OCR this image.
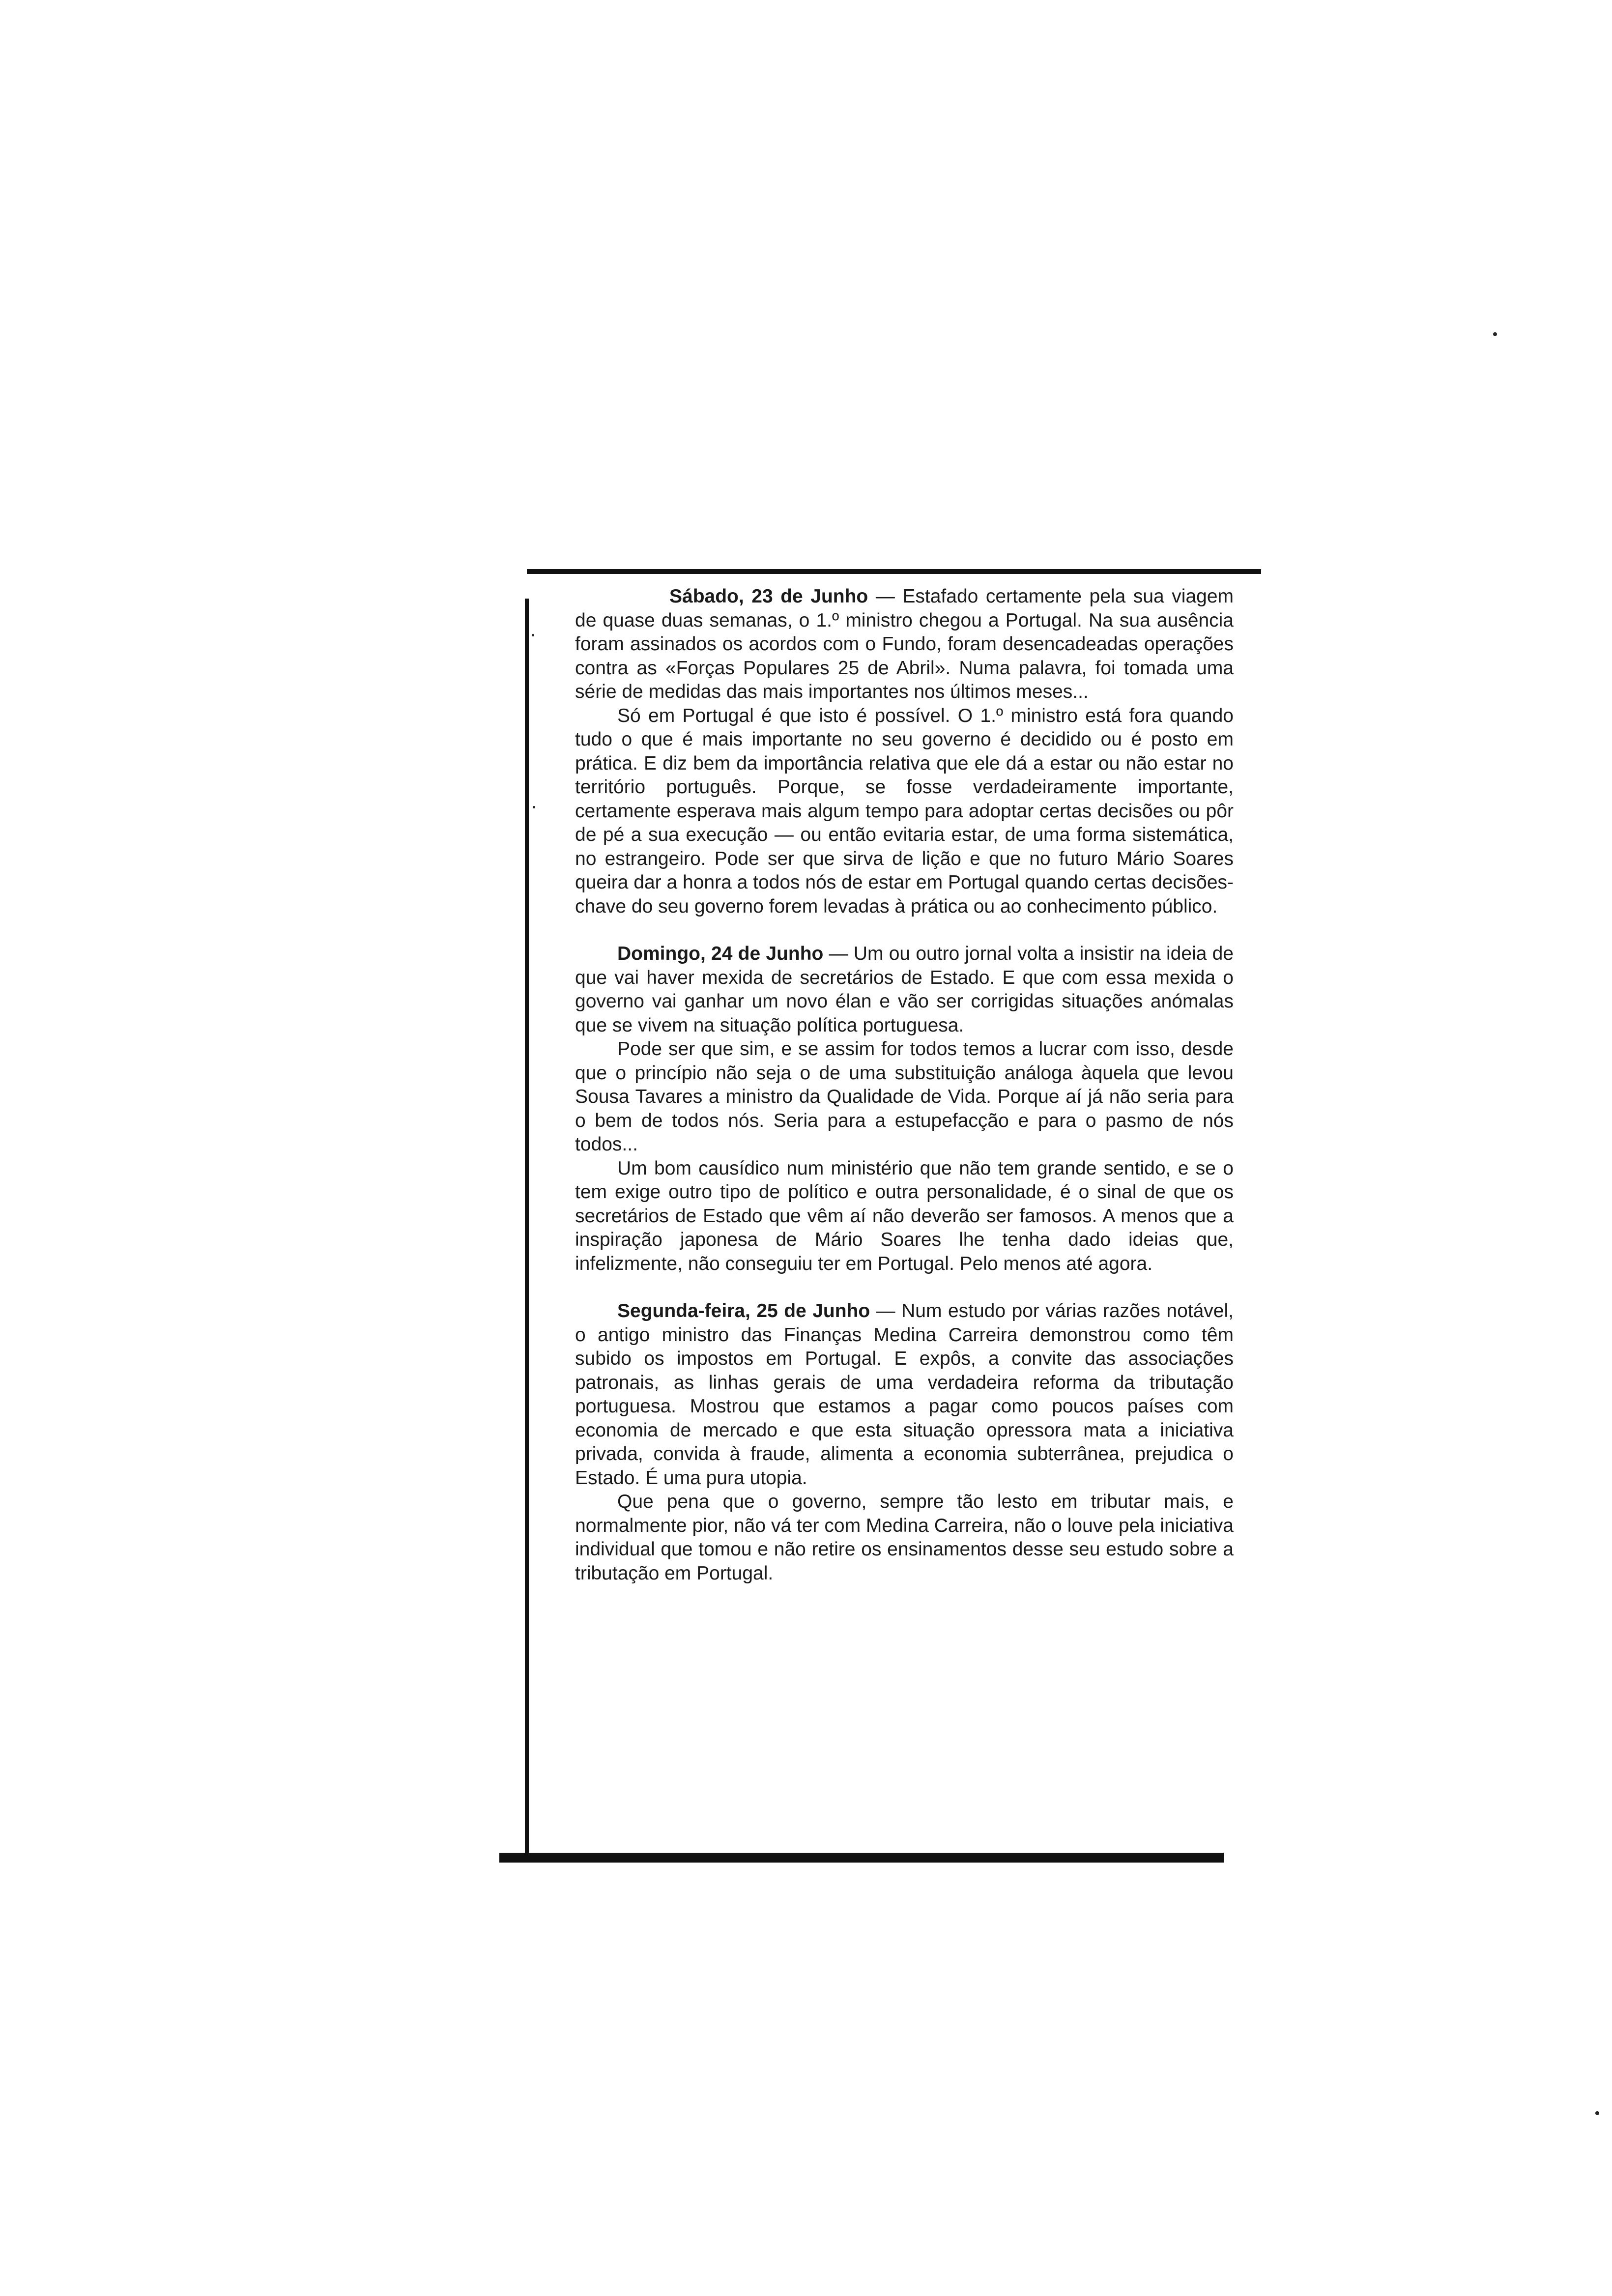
Sábado, 23 de Junho — Estafado certamente pela sua viagem de quase duas semanas, o 1.º ministro chegou a Portugal. Na sua ausência foram assinados os acordos com o Fundo, foram desencadeadas operações contra as «Forças Populares 25 de Abril». Numa palavra, foi tomada uma série de medidas das mais importantes nos últimos meses...

Só em Portugal é que isto é possível. O 1.º ministro está fora quando tudo o que é mais importante no seu governo é decidido ou é posto em prática. E diz bem da importância relativa que ele dá a estar ou não estar no território português. Porque, se fosse verdadeiramente importante, certamente esperava mais algum tempo para adoptar certas decisões ou pôr de pé a sua execução — ou então evitaria estar, de uma forma sistemática, no estrangeiro. Pode ser que sirva de lição e que no futuro Mário Soares queira dar a honra a todos nós de estar em Portugal quando certas decisões-chave do seu governo forem levadas à prática ou ao conhecimento público.

Domingo, 24 de Junho — Um ou outro jornal volta a insistir na ideia de que vai haver mexida de secretários de Estado. E que com essa mexida o governo vai ganhar um novo élan e vão ser corrigidas situações anómalas que se vivem na situação política portuguesa.

Pode ser que sim, e se assim for todos temos a lucrar com isso, desde que o princípio não seja o de uma substituição análoga àquela que levou Sousa Tavares a ministro da Qualidade de Vida. Porque aí já não seria para o bem de todos nós. Seria para a estupefacção e para o pasmo de nós todos...

Um bom causídico num ministério que não tem grande sentido, e se o tem exige outro tipo de político e outra personalidade, é o sinal de que os secretários de Estado que vêm aí não deverão ser famosos. A menos que a inspiração japonesa de Mário Soares lhe tenha dado ideias que, infelizmente, não conseguiu ter em Portugal. Pelo menos até agora.

Segunda-feira, 25 de Junho — Num estudo por várias razões notável, o antigo ministro das Finanças Medina Carreira demonstrou como têm subido os impostos em Portugal. E expôs, a convite das associações patronais, as linhas gerais de uma verdadeira reforma da tributação portuguesa. Mostrou que estamos a pagar como poucos países com economia de mercado e que esta situação opressora mata a iniciativa privada, convida à fraude, alimenta a economia subterrânea, prejudica o Estado. É uma pura utopia.

Que pena que o governo, sempre tão lesto em tributar mais, e normalmente pior, não vá ter com Medina Carreira, não o louve pela iniciativa individual que tomou e não retire os ensinamentos desse seu estudo sobre a tributação em Portugal.
